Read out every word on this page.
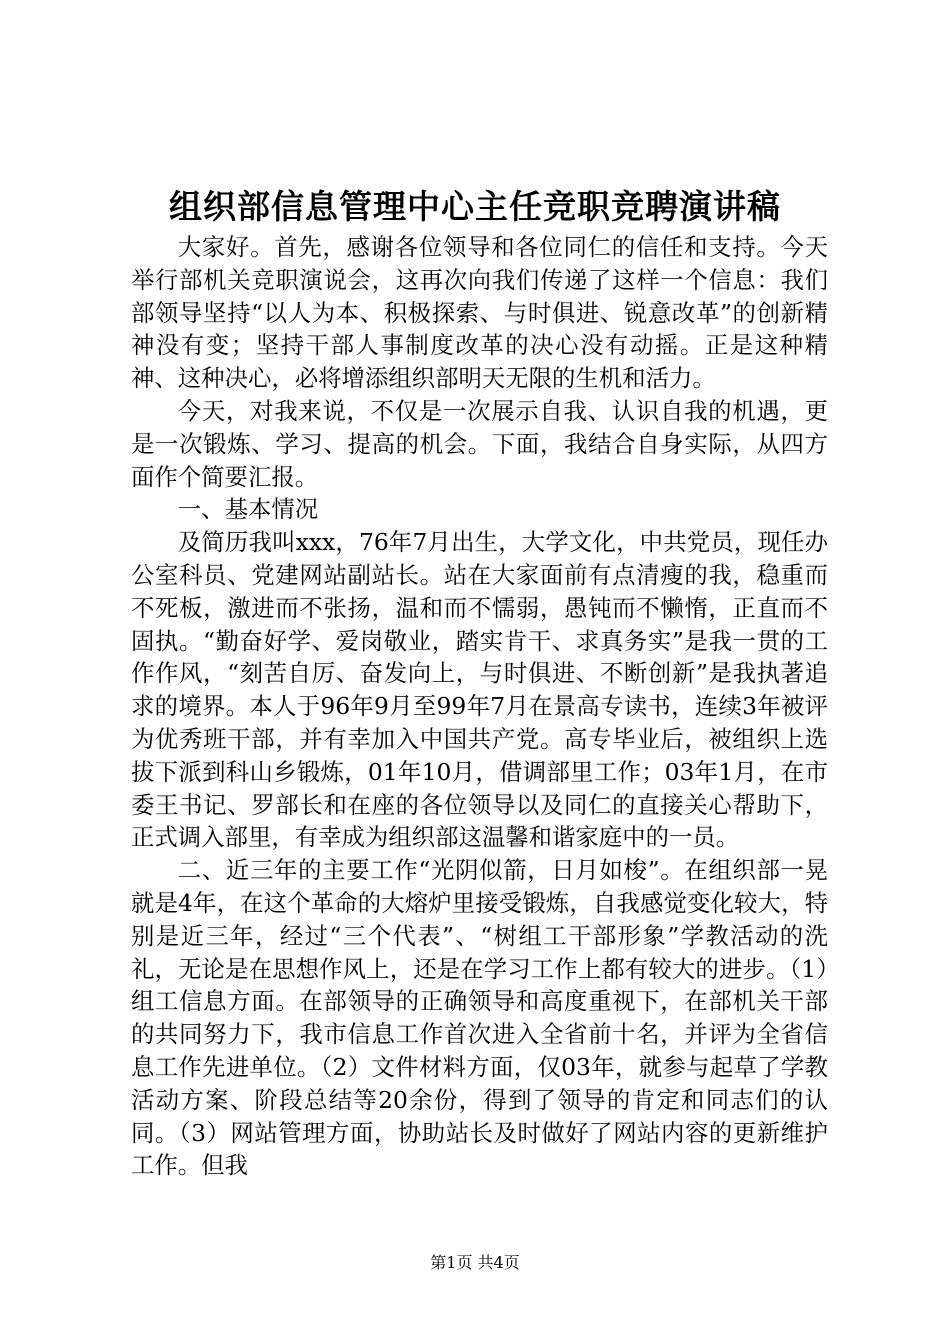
组织部信息管理中心主任竞职竞聘演讲稿

大家好。首先，感谢各位领导和各位同仁的信任和支持。今天举行部机关竞职演说会，这再次向我们传递了这样一个信息：我们部领导坚持“以人为本、积极探索、与时俱进、锐意改革”的创新精神没有变；坚持干部人事制度改革的决心没有动摇。正是这种精神、这种决心，必将增添组织部明天无限的生机和活力。

今天，对我来说，不仅是一次展示自我、认识自我的机遇，更是一次锻炼、学习、提高的机会。下面，我结合自身实际，从四方面作个简要汇报。

一、基本情况

及简历我叫xxx，76年7月出生，大学文化，中共党员，现任办公室科员、党建网站副站长。站在大家面前有点清瘦的我，稳重而不死板，激进而不张扬，温和而不懦弱，愚钝而不懒惰，正直而不固执。“勤奋好学、爱岗敬业，踏实肯干、求真务实”是我一贯的工作作风，“刻苦自厉、奋发向上，与时俱进、不断创新”是我执著追求的境界。本人于96年9月至99年7月在景高专读书，连续3年被评为优秀班干部，并有幸加入中国共产党。高专毕业后，被组织上选拔下派到科山乡锻炼，01年10月，借调部里工作；03年1月，在市委王书记、罗部长和在座的各位领导以及同仁的直接关心帮助下，正式调入部里，有幸成为组织部这温馨和谐家庭中的一员。

二、近三年的主要工作“光阴似箭，日月如梭”。在组织部一晃就是4年，在这个革命的大熔炉里接受锻炼，自我感觉变化较大，特别是近三年，经过“三个代表”、“树组工干部形象”学教活动的洗礼，无论是在思想作风上，还是在学习工作上都有较大的进步。（1）组工信息方面。在部领导的正确领导和高度重视下，在部机关干部的共同努力下，我市信息工作首次进入全省前十名，并评为全省信息工作先进单位。（2）文件材料方面，仅03年，就参与起草了学教活动方案、阶段总结等20余份，得到了领导的肯定和同志们的认同。（3）网站管理方面，协助站长及时做好了网站内容的更新维护工作。但我

第1页 共4页
